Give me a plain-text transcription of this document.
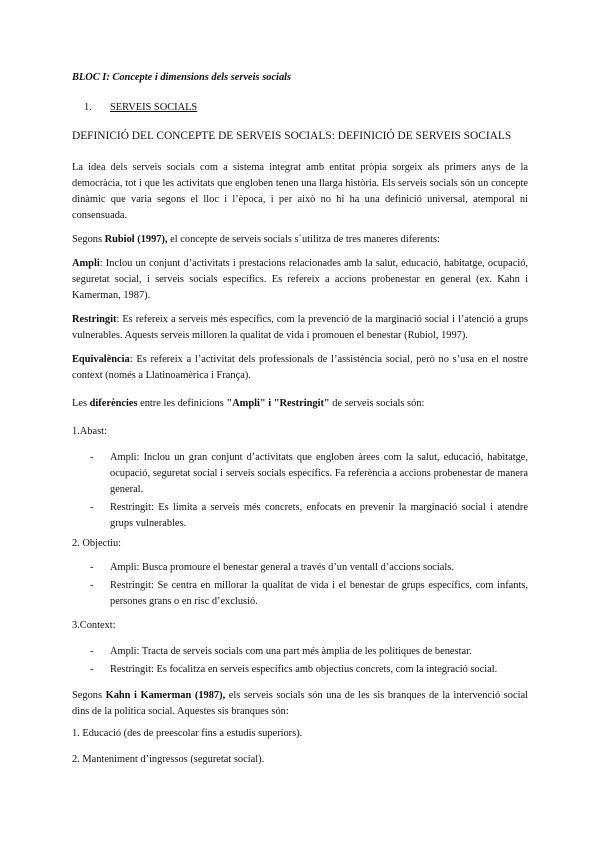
BLOC I: Concepte i dimensions dels serveis socials

1. SERVEIS SOCIALS

DEFINICIÓ DEL CONCEPTE DE SERVEIS SOCIALS: DEFINICIÓ DE SERVEIS SOCIALS

La idea dels serveis socials com a sistema integrat amb entitat pròpia sorgeix als primers anys de la democràcia, tot i que les activitats que engloben tenen una llarga història. Els serveis socials són un concepte dinàmic que varia segons el lloc i l’època, i per això no hi ha una definició universal, atemporal ni consensuada.

Segons Rubiol (1997), el concepte de serveis socials s´utilitza de tres maneres diferents:

Ampli: Inclou un conjunt d’activitats i prestacions relacionades amb la salut, educació, habitatge, ocupació, seguretat social, i serveis socials específics. Es refereix a accions probenestar en general (ex. Kahn i Kamerman, 1987).

Restringit: Es refereix a serveis més específics, com la prevenció de la marginació social i l’atenció a grups vulnerables. Aquests serveis milloren la qualitat de vida i promouen el benestar (Rubiol, 1997).

Equivalència: Es refereix a l’activitat dels professionals de l’assistència social, però no s’usa en el nostre context (només a Llatinoamèrica i França).

Les diferències entre les definicions "Ampli" i "Restringit" de serveis socials són:

1.Abast:

- Ampli: Inclou un gran conjunt d’activitats que engloben àrees com la salut, educació, habitatge, ocupació, seguretat social i serveis socials específics. Fa referència a accions probenestar de manera general.
- Restringit: Es limita a serveis més concrets, enfocats en prevenir la marginació social i atendre grups vulnerables.

2. Objectiu:

- Ampli: Busca promoure el benestar general a través d’un ventall d’accions socials.
- Restringit: Se centra en millorar la qualitat de vida i el benestar de grups específics, com infants, persones grans o en risc d’exclusió.

3.Context:

- Ampli: Tracta de serveis socials com una part més àmplia de les polítiques de benestar.
- Restringit: Es focalitza en serveis específics amb objectius concrets, com la integració social.

Segons Kahn i Kamerman (1987), els serveis socials són una de les sis branques de la intervenció social dins de la política social. Aquestes sis branques són:

1. Educació (des de preescolar fins a estudis superiors).

2. Manteniment d’ingressos (seguretat social).
